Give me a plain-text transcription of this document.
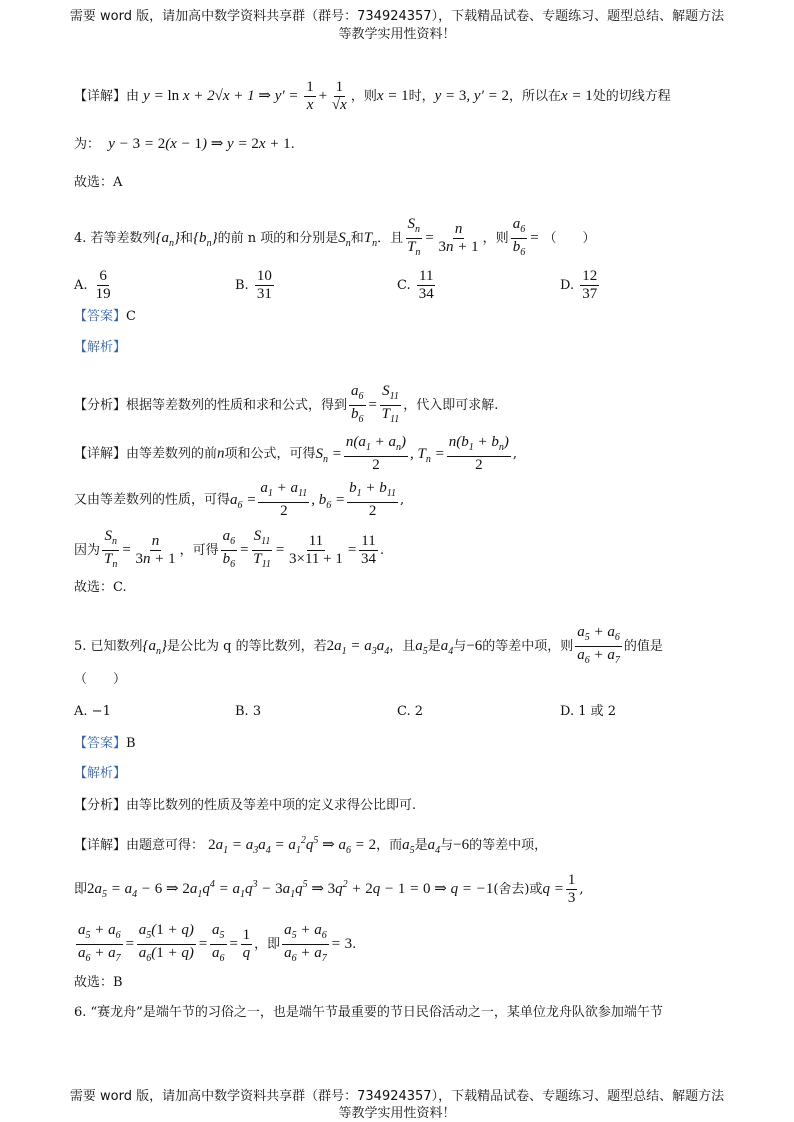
需要 word 版，请加高中数学资料共享群（群号：734924357），下载精品试卷、专题练习、题型总结、解题方法
等教学实用性资料！
【详解】由 y = ln x + 2√x + 1 ⇒ $y' = \frac{1}{x} + \frac{1}{√x}$ ，则x = 1时，y = 3, y′ = 2，所以在x = 1处的切线方程
为： y − 3 = 2(x − 1) ⇒ y = 2x + 1.
故选：A
4. 若等差数列$\{a_n\}$和$\{b_n\}$的前 n 项的和分别是$S_n$和$T_n$．且 $\frac{S_n}{T_n} = \frac{n}{3n + 1}$ ，则 $\frac{a_6}{b_6}$ = （　　）
A. $\frac{6}{19}$	B. $\frac{10}{31}$	C. $\frac{11}{34}$	D. $\frac{12}{37}$
【答案】C
【解析】
【分析】根据等差数列的性质和求和公式，得到 $\frac{a_6}{b_6} = \frac{S_{11}}{T_{11}}$ ，代入即可求解.
【详解】由等差数列的前n项和公式，可得$S_n = \frac{n(a_1 + a_n)}{2}$ , $T_n = \frac{n(b_1 + b_n)}{2}$ ,
又由等差数列的性质，可得$a_6 = \frac{a_1 + a_{11}}{2}$ , $b_6 = \frac{b_1 + b_{11}}{2}$ ,
因为 $\frac{S_n}{T_n} = \frac{n}{3n + 1}$ ，可得 $\frac{a_6}{b_6} = \frac{S_{11}}{T_{11}} = \frac{11}{3\times 11 + 1} = \frac{11}{34}$ .
故选：C.
5. 已知数列$\{a_n\}$是公比为 q 的等比数列，若$2a_1 = a_3a_4$，且$a_5$是$a_4$与−6的等差中项，则 $\frac{a_5 + a_6}{a_6 + a_7}$ 的值是
（　　）
A. −1	B. 3	C. 2	D. 1 或 2
【答案】B
【解析】
【分析】由等比数列的性质及等差中项的定义求得公比即可.
【详解】由题意可得： $2a_1 = a_3a_4 = a_1^2q^5$ ⇒ $a_6 = 2$，而$a_5$是$a_4$与−6的等差中项，
即$2a_5 = a_4 - 6$ ⇒ $2a_1q^4 = a_1q^3 - 3a_1q^5$ ⇒ $3q^2 + 2q - 1 = 0$ ⇒ q = −1(舍去)或$q = \frac{1}{3}$ ,
$\frac{a_5 + a_6}{a_6 + a_7} = \frac{a_5(1 + q)}{a_6(1 + q)} = \frac{a_5}{a_6} = \frac{1}{q}$ ，即 $\frac{a_5 + a_6}{a_6 + a_7} = 3$.
故选：B
6. “赛龙舟”是端午节的习俗之一，也是端午节最重要的节日民俗活动之一，某单位龙舟队欲参加端午节
需要 word 版，请加高中数学资料共享群（群号：734924357），下载精品试卷、专题练习、题型总结、解题方法
等教学实用性资料！
